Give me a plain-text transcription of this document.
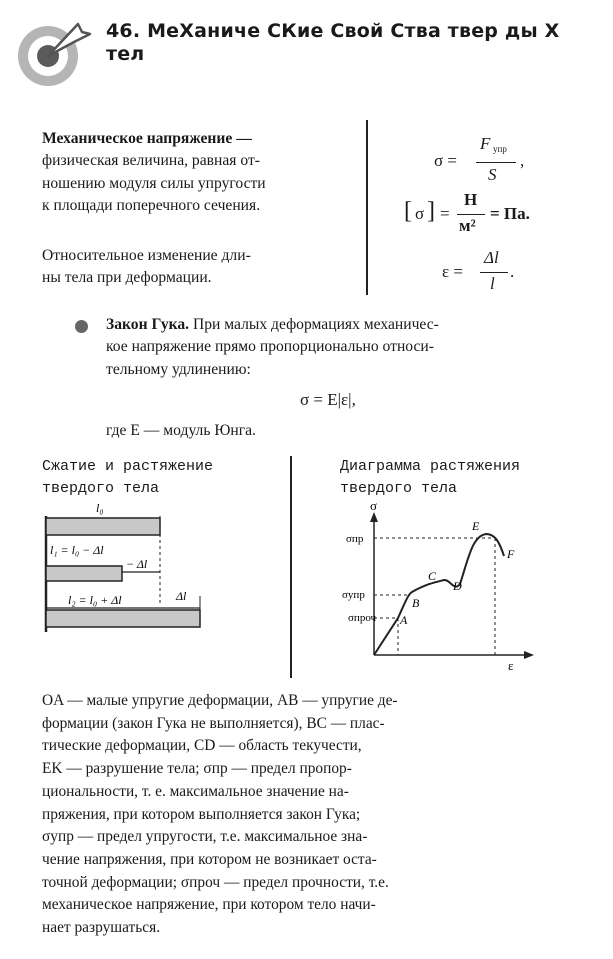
46. МеХаниче СКие Свой Ства твер ды Х
тел
Механическое напряжение —
физическая величина, равная от-
ношению модуля силы упругости
к площади поперечного сечения.
Относительное изменение дли-
ны тела при деформации.
σ =
F упр
S
,
[ σ ] =
Н
м²
= Па.
ε =
Δl
l
.
Закон Гука. При малых деформациях механичес-
кое напряжение прямо пропорционально относи-
тельному удлинению:
σ = E|ε|,
где E — модуль Юнга.
Сжатие и растяжение
твердого тела
Диаграмма растяжения
твердого тела
l₀
l₁ = l₀ − Δl
− Δl
l₂ = l₀ + Δl	Δl
σ
ε
σпр
σупр
σпроч A
B
C
D
E
F
OA — малые упругие деформации, AB — упругие де-
формации (закон Гука не выполняется), BC — плас-
тические деформации, CD — область текучести,
EK — разрушение тела; σпр — предел пропор-
циональности, т. е. максимальное значение на-
пряжения, при котором выполняется закон Гука;
σупр — предел упругости, т.е. максимальное зна-
чение напряжения, при котором не возникает оста-
точной деформации; σпроч — предел прочности, т.е.
механическое напряжение, при котором тело начи-
нает разрушаться.
